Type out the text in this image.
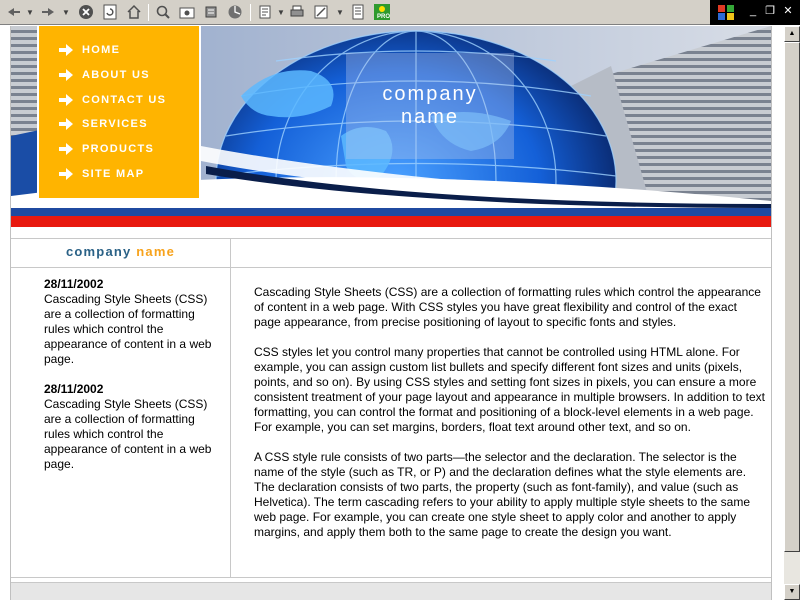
▼	▼	▼	▼
PRO	_ ❐ ✕
HOME
ABOUT US
CONTACT US
SERVICES
PRODUCTS
SITE MAP
company
name
company name
28/11/2002
Cascading Style Sheets (CSS) are a collection of formatting rules which control the appearance of content in a web page.
28/11/2002
Cascading Style Sheets (CSS) are a collection of formatting rules which control the appearance of content in a web page.

Cascading Style Sheets (CSS) are a collection of formatting rules which control the appearance of content in a web page. With CSS styles you have great flexibility and control of the exact page appearance, from precise positioning of layout to specific fonts and styles.

CSS styles let you control many properties that cannot be controlled using HTML alone. For example, you can assign custom list bullets and specify different font sizes and units (pixels, points, and so on). By using CSS styles and setting font sizes in pixels, you can ensure a more consistent treatment of your page layout and appearance in multiple browsers. In addition to text formatting, you can control the format and positioning of a block-level elements in a web page. For example, you can set margins, borders, float text around other text, and so on.

A CSS style rule consists of two parts—the selector and the declaration. The selector is the name of the style (such as TR, or P) and the declaration defines what the style elements are. The declaration consists of two parts, the property (such as font-family), and value (such as Helvetica). The term cascading refers to your ability to apply multiple style sheets to the same web page. For example, you can create one style sheet to apply color and another to apply margins, and apply them both to the same page to create the design you want.

▲
▼
